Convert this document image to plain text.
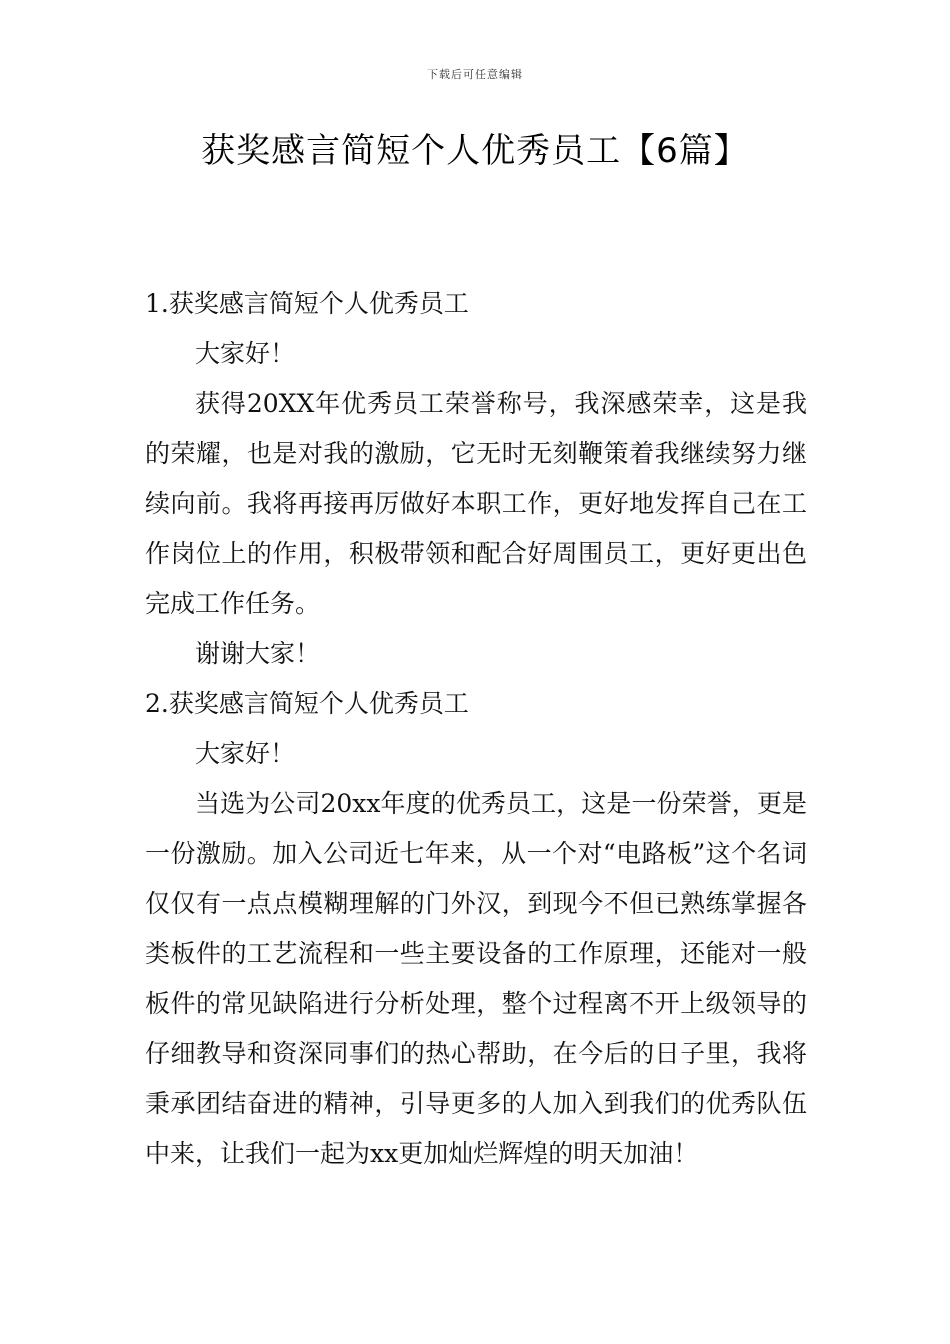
下载后可任意编辑
获奖感言简短个人优秀员工【6篇】

1.获奖感言简短个人优秀员工

大家好！

获得20XX年优秀员工荣誉称号，我深感荣幸，这是我的荣耀，也是对我的激励，它无时无刻鞭策着我继续努力继续向前。我将再接再厉做好本职工作，更好地发挥自己在工作岗位上的作用，积极带领和配合好周围员工，更好更出色完成工作任务。

谢谢大家！

2.获奖感言简短个人优秀员工

大家好！

当选为公司20xx年度的优秀员工，这是一份荣誉，更是一份激励。加入公司近七年来，从一个对“电路板”这个名词仅仅有一点点模糊理解的门外汉，到现今不但已熟练掌握各类板件的工艺流程和一些主要设备的工作原理，还能对一般板件的常见缺陷进行分析处理，整个过程离不开上级领导的仔细教导和资深同事们的热心帮助，在今后的日子里，我将秉承团结奋进的精神，引导更多的人加入到我们的优秀队伍中来，让我们一起为xx更加灿烂辉煌的明天加油！
